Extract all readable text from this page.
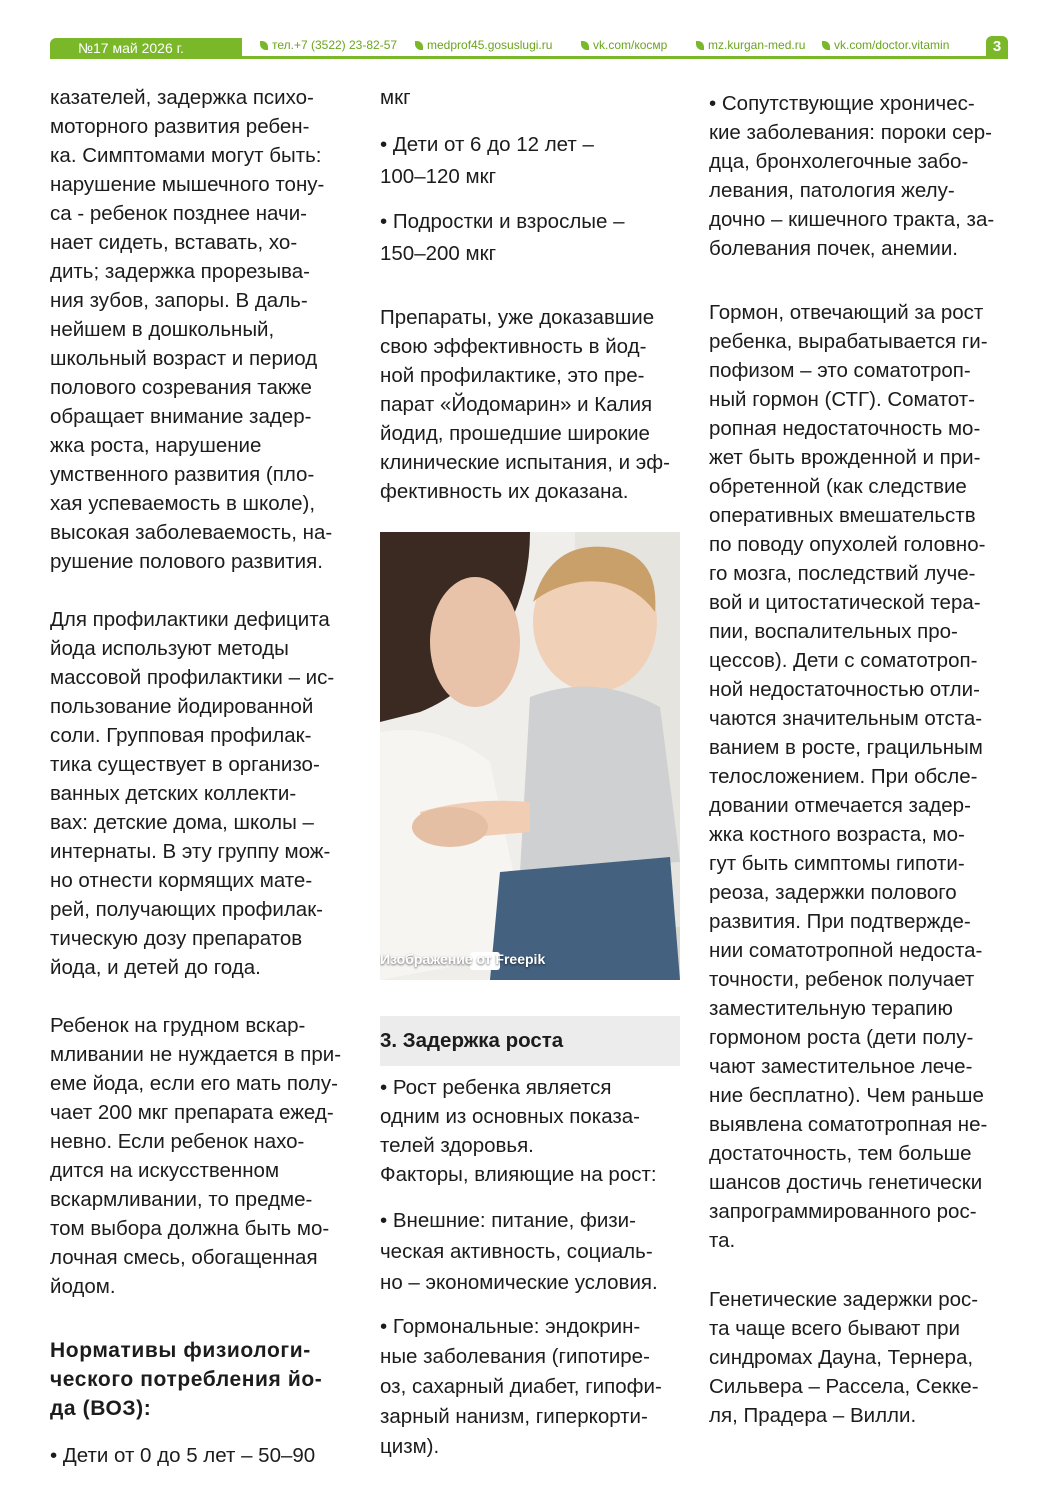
№17 май 2026 г.	тел.+7 (3522) 23-82-57	medprof45.gosuslugi.ru	vk.com/космр	mz.kurgan-med.ru	vk.com/doctor.vitamin	3

казателей, задержка психо-
моторного развития ребен-
ка. Симптомами могут быть:
нарушение мышечного тону-
са - ребенок позднее начи-
нает сидеть, вставать, хо-
дить; задержка прорезыва-
ния зубов, запоры. В даль-
нейшем в дошкольный,
школьный возраст и период
полового созревания также
обращает внимание задер-
жка роста, нарушение
умственного развития (пло-
хая успеваемость в школе),
высокая заболеваемость, на-
рушение полового развития.

Для профилактики дефицита
йода используют методы
массовой профилактики – ис-
пользование йодированной
соли. Групповая профилак-
тика существует в организо-
ванных детских коллекти-
вах: детские дома, школы –
интернаты. В эту группу мож-
но отнести кормящих мате-
рей, получающих профилак-
тическую дозу препаратов
йода, и детей до года.

Ребенок на грудном вскар-
мливании не нуждается в при-
еме йода, если его мать полу-
чает 200 мкг препарата ежед-
невно. Если ребенок нахо-
дится на искусственном
вскармливании, то предме-
том выбора должна быть мо-
лочная смесь, обогащенная
йодом.

Нормативы физиологи-
ческого потребления йо-
да (ВОЗ):

• Дети от 0 до 5 лет – 50–90

мкг

• Дети от 6 до 12 лет –
100–120 мкг

• Подростки и взрослые –
150–200 мкг

Препараты, уже доказавшие
свою эффективность в йод-
ной профилактике, это пре-
парат «Йодомарин» и Калия
йодид, прошедшие широкие
клинические испытания, и эф-
фективность их доказана.

Изображение от Freepik
3. Задержка роста

• Рост ребенка является
одним из основных показа-
телей здоровья.

Факторы, влияющие на рост:

• Внешние: питание, физи-
ческая активность, социаль-
но – экономические условия.

• Гормональные: эндокрин-
ные заболевания (гипотире-
оз, сахарный диабет, гипофи-
зарный нанизм, гиперкорти-
цизм).

• Сопутствующие хроничес-
кие заболевания: пороки сер-
дца, бронхолегочные забо-
левания, патология желу-
дочно – кишечного тракта, за-
болевания почек, анемии.

Гормон, отвечающий за рост
ребенка, вырабатывается ги-
пофизом – это соматотроп-
ный гормон (СТГ). Соматот-
ропная недостаточность мо-
жет быть врожденной и при-
обретенной (как следствие
оперативных вмешательств
по поводу опухолей головно-
го мозга, последствий луче-
вой и цитостатической тера-
пии, воспалительных про-
цессов). Дети с соматотроп-
ной недостаточностью отли-
чаются значительным отста-
ванием в росте, грацильным
телосложением. При обсле-
довании отмечается задер-
жка костного возраста, мо-
гут быть симптомы гипоти-
реоза, задержки полового
развития. При подтвержде-
нии соматотропной недоста-
точности, ребенок получает
заместительную терапию
гормоном роста (дети полу-
чают заместительное лече-
ние бесплатно). Чем раньше
выявлена соматотропная не-
достаточность, тем больше
шансов достичь генетически
запрограммированного рос-
та.

Генетические задержки рос-
та чаще всего бывают при
синдромах Дауна, Тернера,
Сильвера – Рассела, Секке-
ля, Прадера – Вилли.
